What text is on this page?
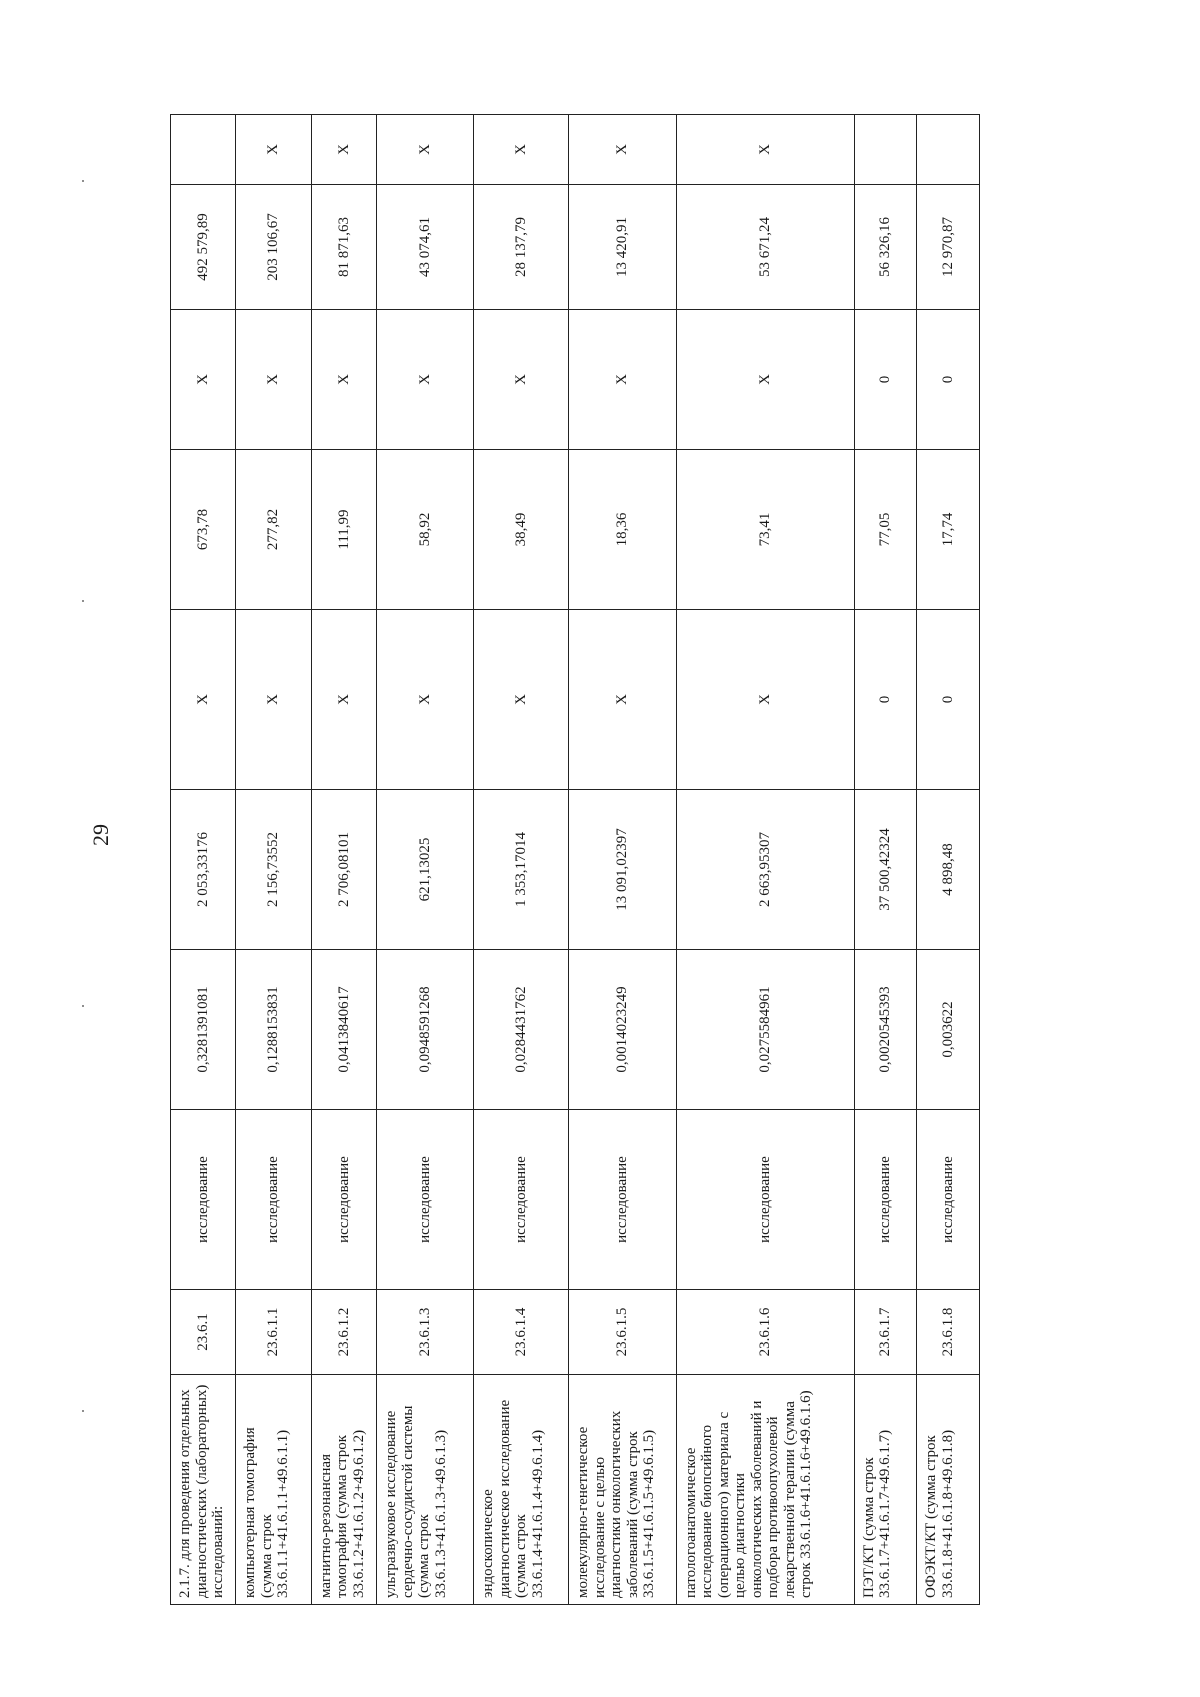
29
2.1.7. для проведения отдельных диагностических (лабораторных) исследований:	23.6.1	исследование	0,3281391081	2 053,33176	X	673,78	X	492 579,89	
компьютерная томография (сумма строк 33.6.1.1+41.6.1.1+49.6.1.1)	23.6.1.1	исследование	0,1288153831	2 156,73552	X	277,82	X	203 106,67	X
магнитно-резонансная томография (сумма строк 33.6.1.2+41.6.1.2+49.6.1.2)	23.6.1.2	исследование	0,0413840617	2 706,08101	X	111,99	X	81 871,63	X
ультразвуковое исследование сердечно-сосудистой системы (сумма строк 33.6.1.3+41.6.1.3+49.6.1.3)	23.6.1.3	исследование	0,0948591268	621,13025	X	58,92	X	43 074,61	X
эндоскопическое диагностическое исследование (сумма строк 33.6.1.4+41.6.1.4+49.6.1.4)	23.6.1.4	исследование	0,0284431762	1 353,17014	X	38,49	X	28 137,79	X
молекулярно-генетическое исследование с целью диагностики онкологических заболеваний (сумма строк 33.6.1.5+41.6.1.5+49.6.1.5)	23.6.1.5	исследование	0,0014023249	13 091,02397	X	18,36	X	13 420,91	X
патологоанатомическое исследование биопсийного (операционного) материала с целью диагностики онкологических заболеваний и подбора противоопухолевой лекарственной терапии (сумма строк 33.6.1.6+41.6.1.6+49.6.1.6)	23.6.1.6	исследование	0,0275584961	2 663,95307	X	73,41	X	53 671,24	X
ПЭТ/КТ (сумма строк 33.6.1.7+41.6.1.7+49.6.1.7)	23.6.1.7	исследование	0,0020545393	37 500,42324	0	77,05	0	56 326,16	
ОФЭКТ/КТ (сумма строк 33.6.1.8+41.6.1.8+49.6.1.8)	23.6.1.8	исследование	0,003622	4 898,48	0	17,74	0	12 970,87	
